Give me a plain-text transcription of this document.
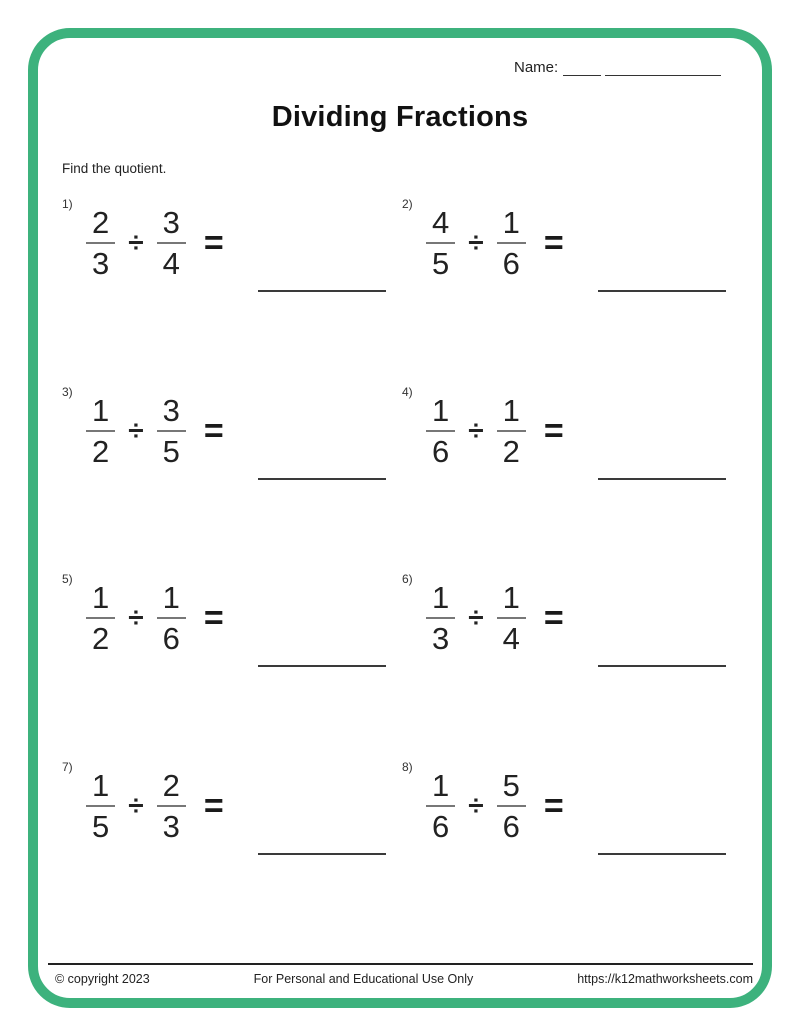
Name:
Dividing Fractions
Find the quotient.
1)
$\frac{2}{3} \div \frac{3}{4}$ =
2)
$\frac{4}{5} \div \frac{1}{6}$ =
3)
$\frac{1}{2} \div \frac{3}{5}$ =
4)
$\frac{1}{6} \div \frac{1}{2}$ =
5)
$\frac{1}{2} \div \frac{1}{6}$ =
6)
$\frac{1}{3} \div \frac{1}{4}$ =
7)
$\frac{1}{5} \div \frac{2}{3}$ =
8)
$\frac{1}{6} \div \frac{5}{6}$ =
© copyright 2023	For Personal and Educational Use Only	https://k12mathworksheets.com
